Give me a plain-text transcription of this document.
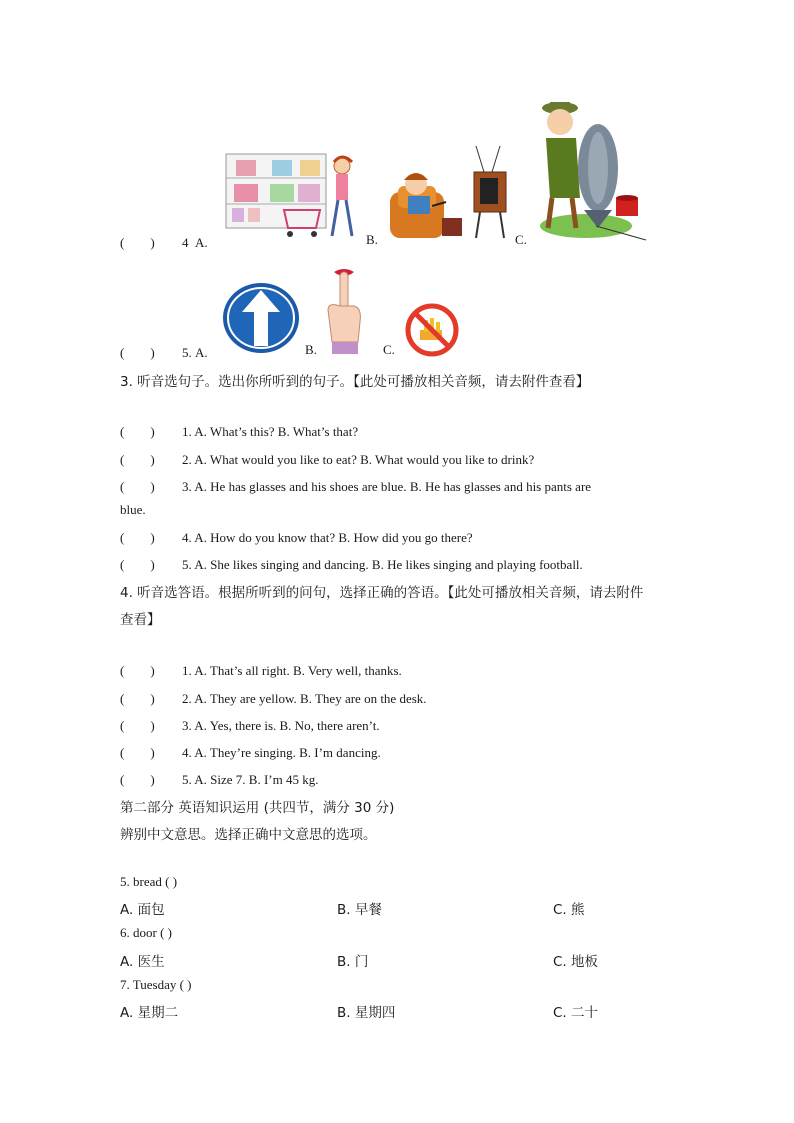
(　　) 4 A.	B.	C.
(　　) 5. A.	B.	C.
3. 听音选句子。选出你所听到的句子。【此处可播放相关音频，请去附件查看】
(　　) 1. A. What’s this? B. What’s that?
(　　) 2. A. What would you like to eat? B. What would you like to drink?
(　　) 3. A. He has glasses and his shoes are blue. B. He has glasses and his pants are
blue.
(　　) 4. A. How do you know that? B. How did you go there?
(　　) 5. A. She likes singing and dancing. B. He likes singing and playing football.
4. 听音选答语。根据所听到的问句，选择正确的答语。【此处可播放相关音频，请去附件
查看】
(　　) 1. A. That’s all right. B. Very well, thanks.
(　　) 2. A. They are yellow. B. They are on the desk.
(　　) 3. A. Yes, there is. B. No, there aren’t.
(　　) 4. A. They’re singing. B. I’m dancing.
(　　) 5. A. Size 7. B. I’m 45 kg.
第二部分 英语知识运用 (共四节，满分 30 分)
辨别中文意思。选择正确中文意思的选项。
5. bread ( )
A. 面包	B. 早餐	C. 熊
6. door ( )
A. 医生	B. 门	C. 地板
7. Tuesday ( )
A. 星期二	B. 星期四	C. 二十
